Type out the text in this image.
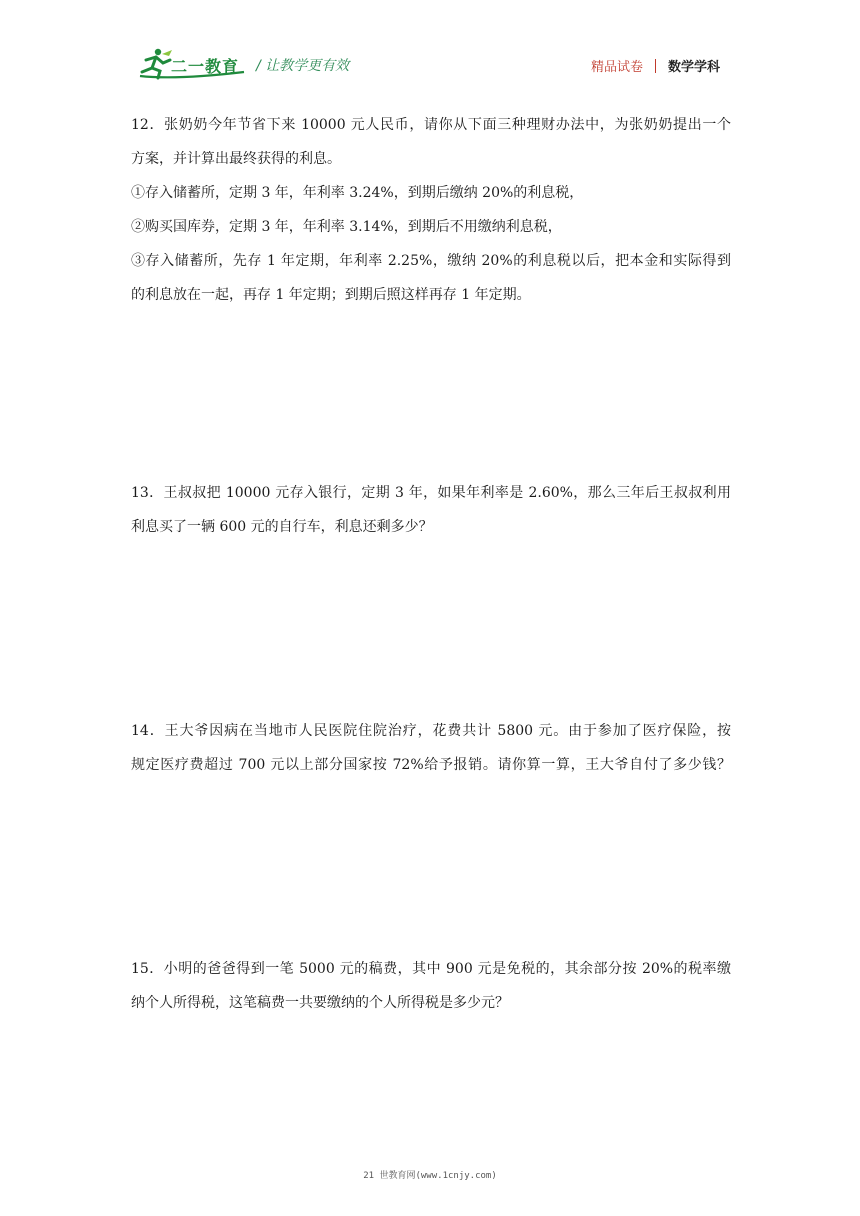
二一教育 / 让教学更有效	精品试卷 数学学科
12．张奶奶今年节省下来 10000 元人民币，请你从下面三种理财办法中，为张奶奶提出一个
方案，并计算出最终获得的利息。
①存入储蓄所，定期 3 年，年利率 3.24%，到期后缴纳 20%的利息税，
②购买国库券，定期 3 年，年利率 3.14%，到期后不用缴纳利息税，
③存入储蓄所，先存 1 年定期，年利率 2.25%，缴纳 20%的利息税以后，把本金和实际得到
的利息放在一起，再存 1 年定期；到期后照这样再存 1 年定期。
13．王叔叔把 10000 元存入银行，定期 3 年，如果年利率是 2.60%，那么三年后王叔叔利用
利息买了一辆 600 元的自行车，利息还剩多少？
14．王大爷因病在当地市人民医院住院治疗，花费共计 5800 元。由于参加了医疗保险，按
规定医疗费超过 700 元以上部分国家按 72%给予报销。请你算一算，王大爷自付了多少钱？
15．小明的爸爸得到一笔 5000 元的稿费，其中 900 元是免税的，其余部分按 20%的税率缴
纳个人所得税，这笔稿费一共要缴纳的个人所得税是多少元？
21 世教育网(www.1cnjy.com)
